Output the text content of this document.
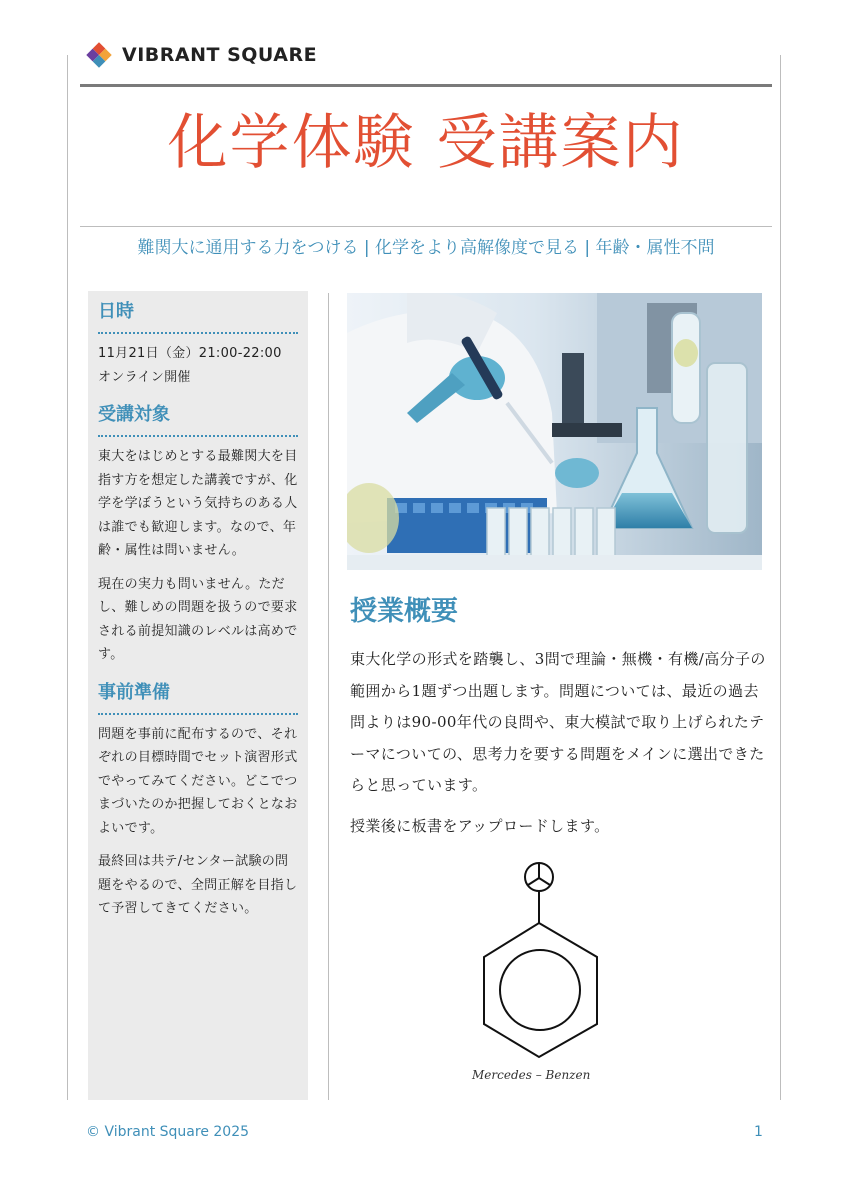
VIBRANT SQUARE
化学体験 受講案内
難関大に通用する力をつける | 化学をより高解像度で見る | 年齢・属性不問
日時

11月21日（金）21:00-22:00

オンライン開催

受講対象

東大をはじめとする最難関大を目指す方を想定した講義ですが、化学を学ぼうという気持ちのある人は誰でも歓迎します。なので、年齢・属性は問いません。

現在の実力も問いません。ただし、難しめの問題を扱うので要求される前提知識のレベルは高めです。

事前準備

問題を事前に配布するので、それぞれの目標時間でセット演習形式でやってみてください。どこでつまづいたのか把握しておくとなおよいです。

最終回は共テ/センター試験の問題をやるので、全問正解を目指して予習してきてください。

授業概要

東大化学の形式を踏襲し、3問で理論・無機・有機/高分子の範囲から1題ずつ出題します。問題については、最近の過去問よりは90-00年代の良問や、東大模試で取り上げられたテーマについての、思考力を要する問題をメインに選出できたらと思っています。

授業後に板書をアップロードします。

Mercedes – Benzen
© Vibrant Square 2025	1
